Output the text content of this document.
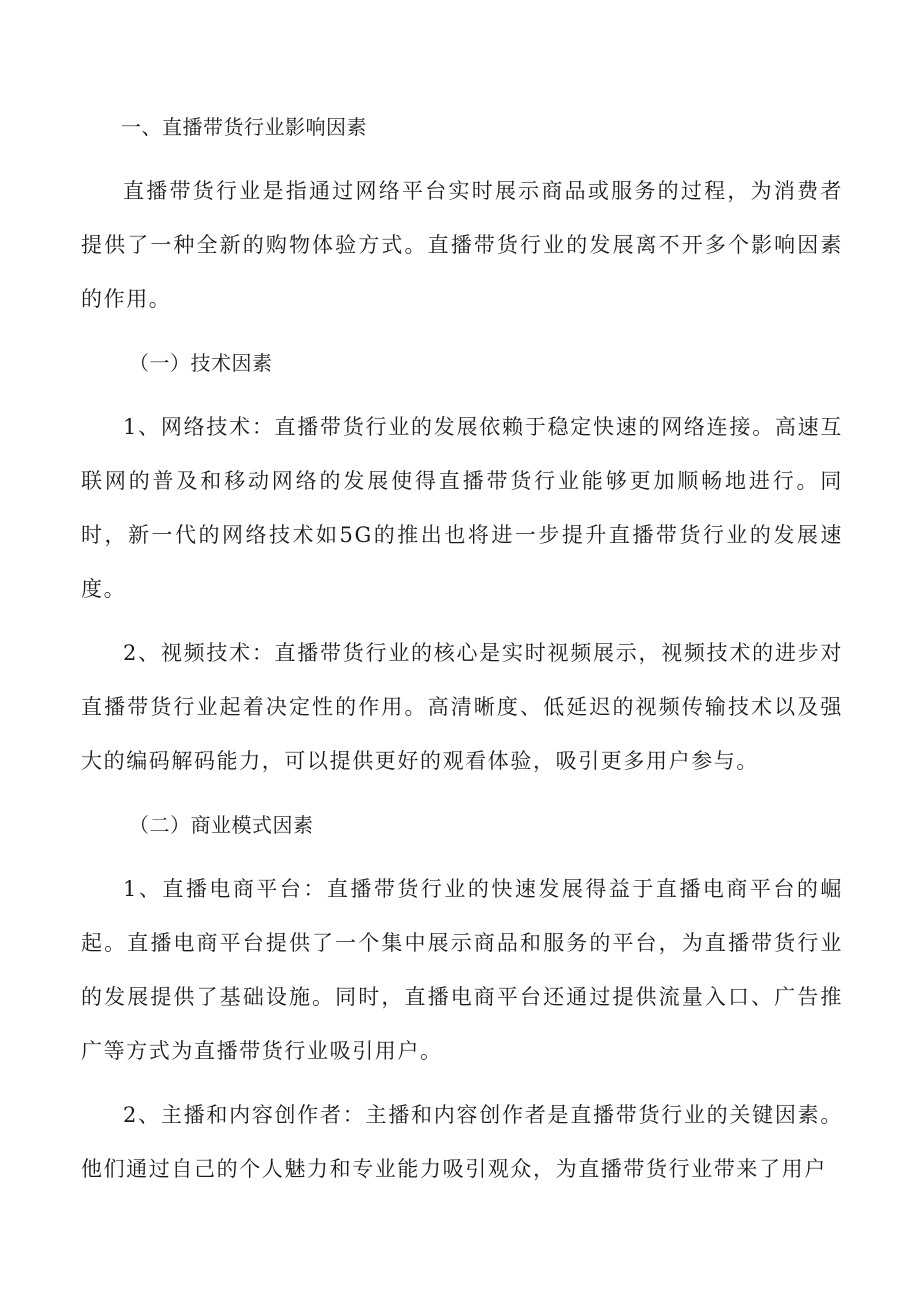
一、直播带货行业影响因素

直播带货行业是指通过网络平台实时展示商品或服务的过程，为消费者提供了一种全新的购物体验方式。直播带货行业的发展离不开多个影响因素的作用。

（一）技术因素

1、网络技术：直播带货行业的发展依赖于稳定快速的网络连接。高速互联网的普及和移动网络的发展使得直播带货行业能够更加顺畅地进行。同时，新一代的网络技术如5G的推出也将进一步提升直播带货行业的发展速度。

2、视频技术：直播带货行业的核心是实时视频展示，视频技术的进步对直播带货行业起着决定性的作用。高清晰度、低延迟的视频传输技术以及强大的编码解码能力，可以提供更好的观看体验，吸引更多用户参与。

（二）商业模式因素

1、直播电商平台：直播带货行业的快速发展得益于直播电商平台的崛起。直播电商平台提供了一个集中展示商品和服务的平台，为直播带货行业的发展提供了基础设施。同时，直播电商平台还通过提供流量入口、广告推广等方式为直播带货行业吸引用户。

2、主播和内容创作者：主播和内容创作者是直播带货行业的关键因素。他们通过自己的个人魅力和专业能力吸引观众，为直播带货行业带来了用户
